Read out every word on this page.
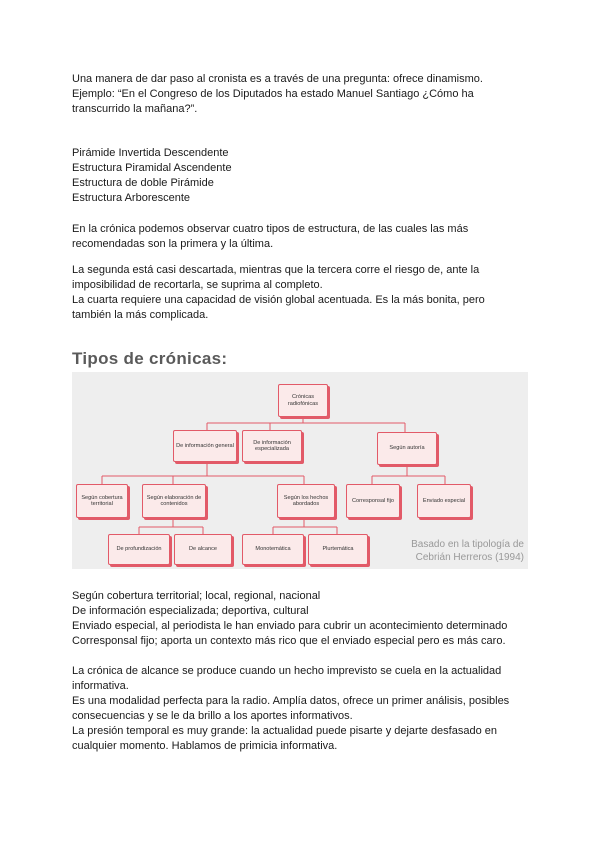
Una manera de dar paso al cronista es a través de una pregunta: ofrece dinamismo.
Ejemplo: “En el Congreso de los Diputados ha estado Manuel Santiago ¿Cómo ha
transcurrido la mañana?”.
Pirámide Invertida Descendente
Estructura Piramidal Ascendente
Estructura de doble Pirámide
Estructura Arborescente
En la crónica podemos observar cuatro tipos de estructura, de las cuales las más
recomendadas son la primera y la última.
La segunda está casi descartada, mientras que la tercera corre el riesgo de, ante la
imposibilidad de recortarla, se suprima al completo.
La cuarta requiere una capacidad de visión global acentuada. Es la más bonita, pero
también la más complicada.
Tipos de crónicas:
Crónicas radiofónicas
De información general
De información especializada	Según autoría
Según cobertura territorial
Según elaboración de contenidos
Según los hechos abordados
Corresponsal fijo	Enviado especial
De profundización	De alcance	Monotemática	Plurtemática	Basado en la tipología de
Cebrián Herreros (1994)
Según cobertura territorial; local, regional, nacional
De información especializada; deportiva, cultural
Enviado especial, al periodista le han enviado para cubrir un acontecimiento determinado
Corresponsal fijo; aporta un contexto más rico que el enviado especial pero es más caro.
La crónica de alcance se produce cuando un hecho imprevisto se cuela en la actualidad
informativa.
Es una modalidad perfecta para la radio. Amplía datos, ofrece un primer análisis, posibles
consecuencias y se le da brillo a los aportes informativos.
La presión temporal es muy grande: la actualidad puede pisarte y dejarte desfasado en
cualquier momento. Hablamos de primicia informativa.
